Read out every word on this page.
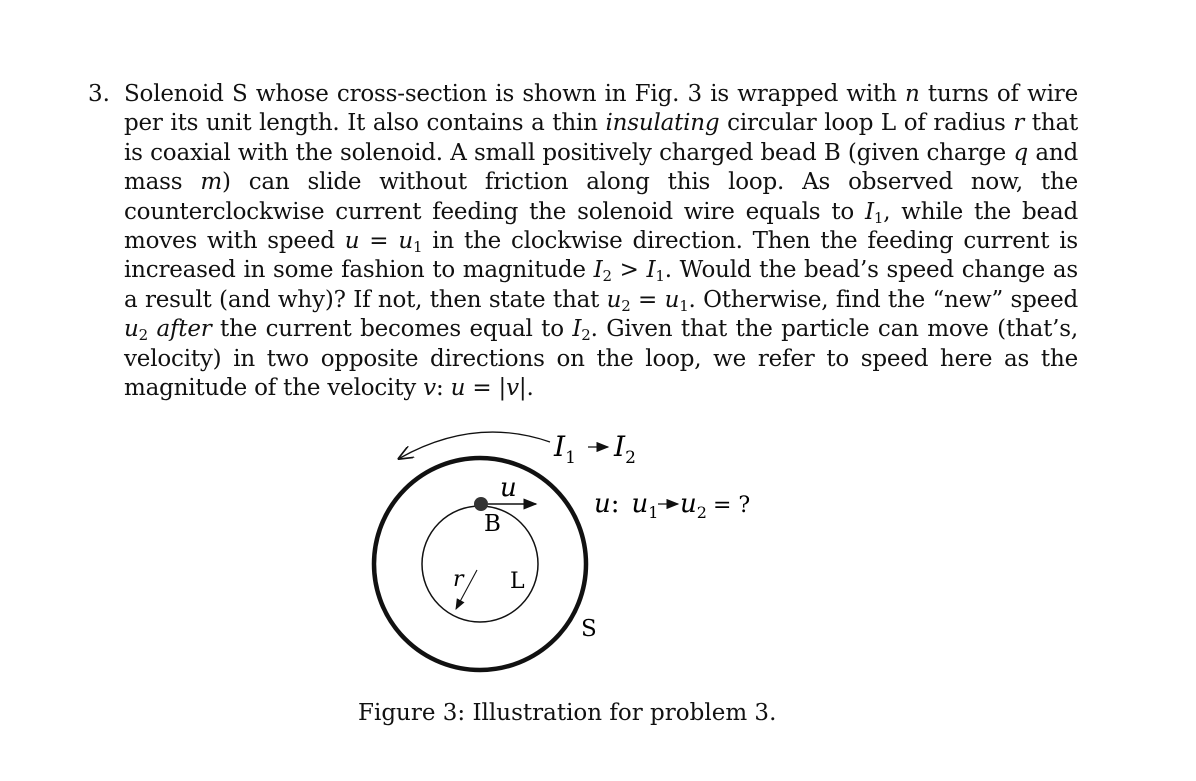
3. Solenoid S whose cross-section is shown in Fig. 3 is wrapped with n turns of wire per its unit length. It also contains a thin insulating circular loop L of radius r that is coaxial with the solenoid. A small positively charged bead B (given charge q and mass m) can slide without friction along this loop. As observed now, the counterclockwise current feeding the solenoid wire equals to $I_1$, while the bead moves with speed $u = u_1$ in the clockwise direction. Then the feeding current is increased in some fashion to magnitude $I_2 > I_1$. Would the bead’s speed change as a result (and why)? If not, then state that $u_2 = u_1$. Otherwise, find the “new” speed $u_2$ after the current becomes equal to $I_2$. Given that the particle can move (that’s, velocity) in two opposite directions on the loop, we refer to speed here as the magnitude of the velocity v: u = |v|.
$I_1$ $I_2$
u
B
r L
S
u: $u_1$ $u_2$ = ?
Figure 3: Illustration for problem 3.
